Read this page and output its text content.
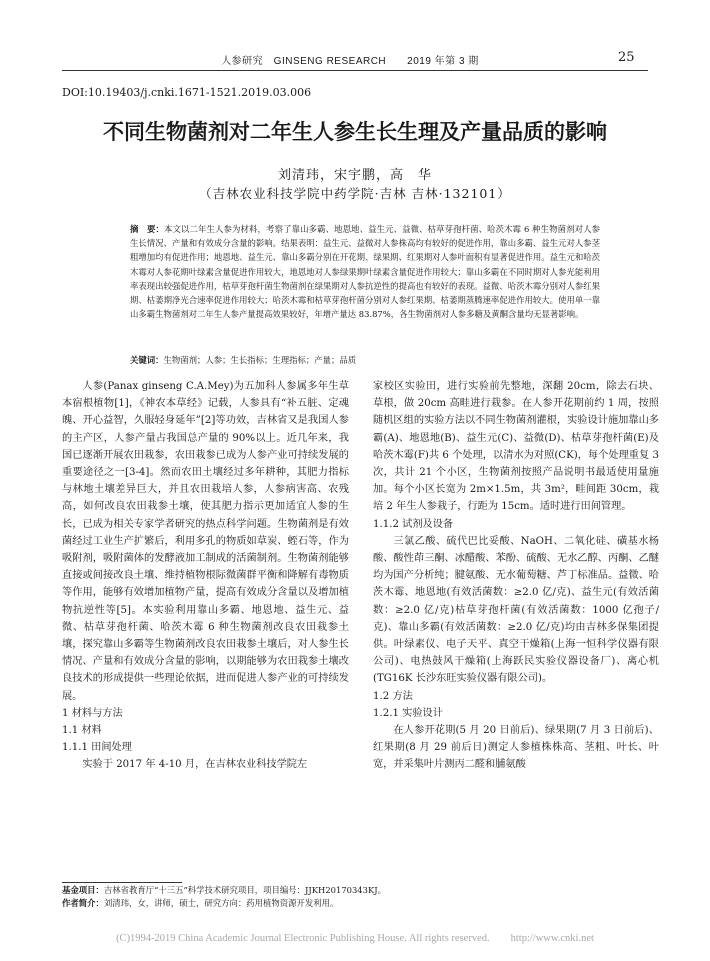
人参研究　GINSENG RESEARCH　　2019 年第 3 期	25
DOI:10.19403/j.cnki.1671-1521.2019.03.006
不同生物菌剂对二年生人参生长生理及产量品质的影响
刘清玮，宋宇鹏，高　华
（吉林农业科技学院中药学院·吉林 吉林·132101）
摘　要：本文以二年生人参为材料，考察了靠山多霸、地恩地、益生元、益微、枯草芽孢杆菌、哈茨木霉 6 种生物菌剂对人参生长情况、产量和有效成分含量的影响。结果表明：益生元、益微对人参株高均有较好的促进作用，靠山多霸、益生元对人参茎粗增加均有促进作用；地恩地、益生元、靠山多霸分别在开花期、绿果期、红果期对人参叶面积有显著促进作用。益生元和哈茨木霉对人参花期叶绿素含量促进作用较大，地恩地对人参绿果期叶绿素含量促进作用较大；靠山多霸在不同时期对人参光能利用率表现出较强促进作用，枯草芽孢杆菌生物菌剂在绿果期对人参抗逆性的提高也有较好的表现。益微、哈茨木霉分别对人参红果期、枯萎期净光合速率促进作用较大；哈茨木霉和枯草芽孢杆菌分别对人参红果期、枯萎期蒸腾速率促进作用较大。使用单一靠山多霸生物菌剂对二年生人参产量提高效果较好，年增产量达 83.87%，各生物菌剂对人参多糖及黄酮含量均无显著影响。
关键词：生物菌剂；人参；生长指标；生理指标；产量；品质

人参(Panax ginseng C.A.Mey)为五加科人参属多年生草本宿根植物[1]，《神农本草经》记载，人参具有“补五脏、定魂魄、开心益智，久服轻身延年”[2]等功效，吉林省又是我国人参的主产区，人参产量占我国总产量的 90%以上。近几年来，我国已逐渐开展农田栽参，农田栽参已成为人参产业可持续发展的重要途径之一[3-4]。然而农田土壤经过多年耕种，其肥力指标与林地土壤差异巨大，并且农田栽培人参，人参病害高、农残高，如何改良农田栽参土壤，使其肥力指示更加适宜人参的生长，已成为相关专家学者研究的热点科学问题。生物菌剂是有效菌经过工业生产扩繁后，利用多孔的物质如草炭、蛭石等，作为吸附剂，吸附菌体的发酵液加工制成的活菌制剂。生物菌剂能够直接或间接改良土壤、维持植物根际微菌群平衡和降解有毒物质等作用，能够有效增加植物产量，提高有效成分含量以及增加植物抗逆性等[5]。本实验利用靠山多霸、地恩地、益生元、益微、枯草芽孢杆菌、哈茨木霉 6 种生物菌剂改良农田栽参土壤，探究靠山多霸等生物菌剂改良农田栽参土壤后，对人参生长情况、产量和有效成分含量的影响，以期能够为农田栽参土壤改良技术的形成提供一些理论依据，进而促进人参产业的可持续发展。

1 材料与方法

1.1 材料

1.1.1 田间处理

实验于 2017 年 4-10 月，在吉林农业科技学院左

家校区实验田，进行实验前先整地，深翻 20cm，除去石块、草根，做 20cm 高畦进行栽参。在人参开花期前约 1 周，按照随机区组的实验方法以不同生物菌剂灌根，实验设计施加靠山多霸(A)、地恩地(B)、益生元(C)、益微(D)、枯草芽孢杆菌(E)及哈茨木霉(F)共 6 个处理，以清水为对照(CK)，每个处理重复 3 次，共计 21 个小区，生物菌剂按照产品说明书最适使用量施加。每个小区长宽为 2m×1.5m，共 3m²，畦间距 30cm，栽培 2 年生人参栽子，行距为 15cm。适时进行田间管理。

1.1.2 试剂及设备

三氯乙酸、硫代巴比妥酸、NaOH、二氧化硅、磺基水杨酸、酸性茚三酮、冰醋酸、苯酚、硫酸、无水乙醇、丙酮、乙醚均为国产分析纯；腱氨酸、无水葡萄糖、芦丁标准品。益微、哈茨木霉、地恩地(有效活菌数：≥2.0 亿/克)、益生元(有效活菌数：≥2.0 亿/克)枯草芽孢杆菌(有效活菌数：1000 亿孢子/克)、靠山多霸(有效活菌数：≥2.0 亿/克)均由吉林多保集团提供。叶绿素仪、电子天平、真空干燥箱(上海一恒科学仪器有限公司)、电热鼓风干燥箱(上海跃民实验仪器设备厂)、离心机(TG16K 长沙东旺实验仪器有限公司)。

1.2 方法

1.2.1 实验设计

在人参开花期(5 月 20 日前后)、绿果期(7 月 3 日前后)、红果期(8 月 29 前后日)测定人参植株株高、茎粗、叶长、叶宽，并采集叶片测丙二醛和脯氨酸

基金项目：吉林省教育厅“十三五”科学技术研究项目，项目编号：JJKH20170343KJ。
作者简介：刘清玮，女，讲师，硕士，研究方向：药用植物资源开发利用。
(C)1994-2019 China Academic Journal Electronic Publishing House. All rights reserved.　　http://www.cnki.net
